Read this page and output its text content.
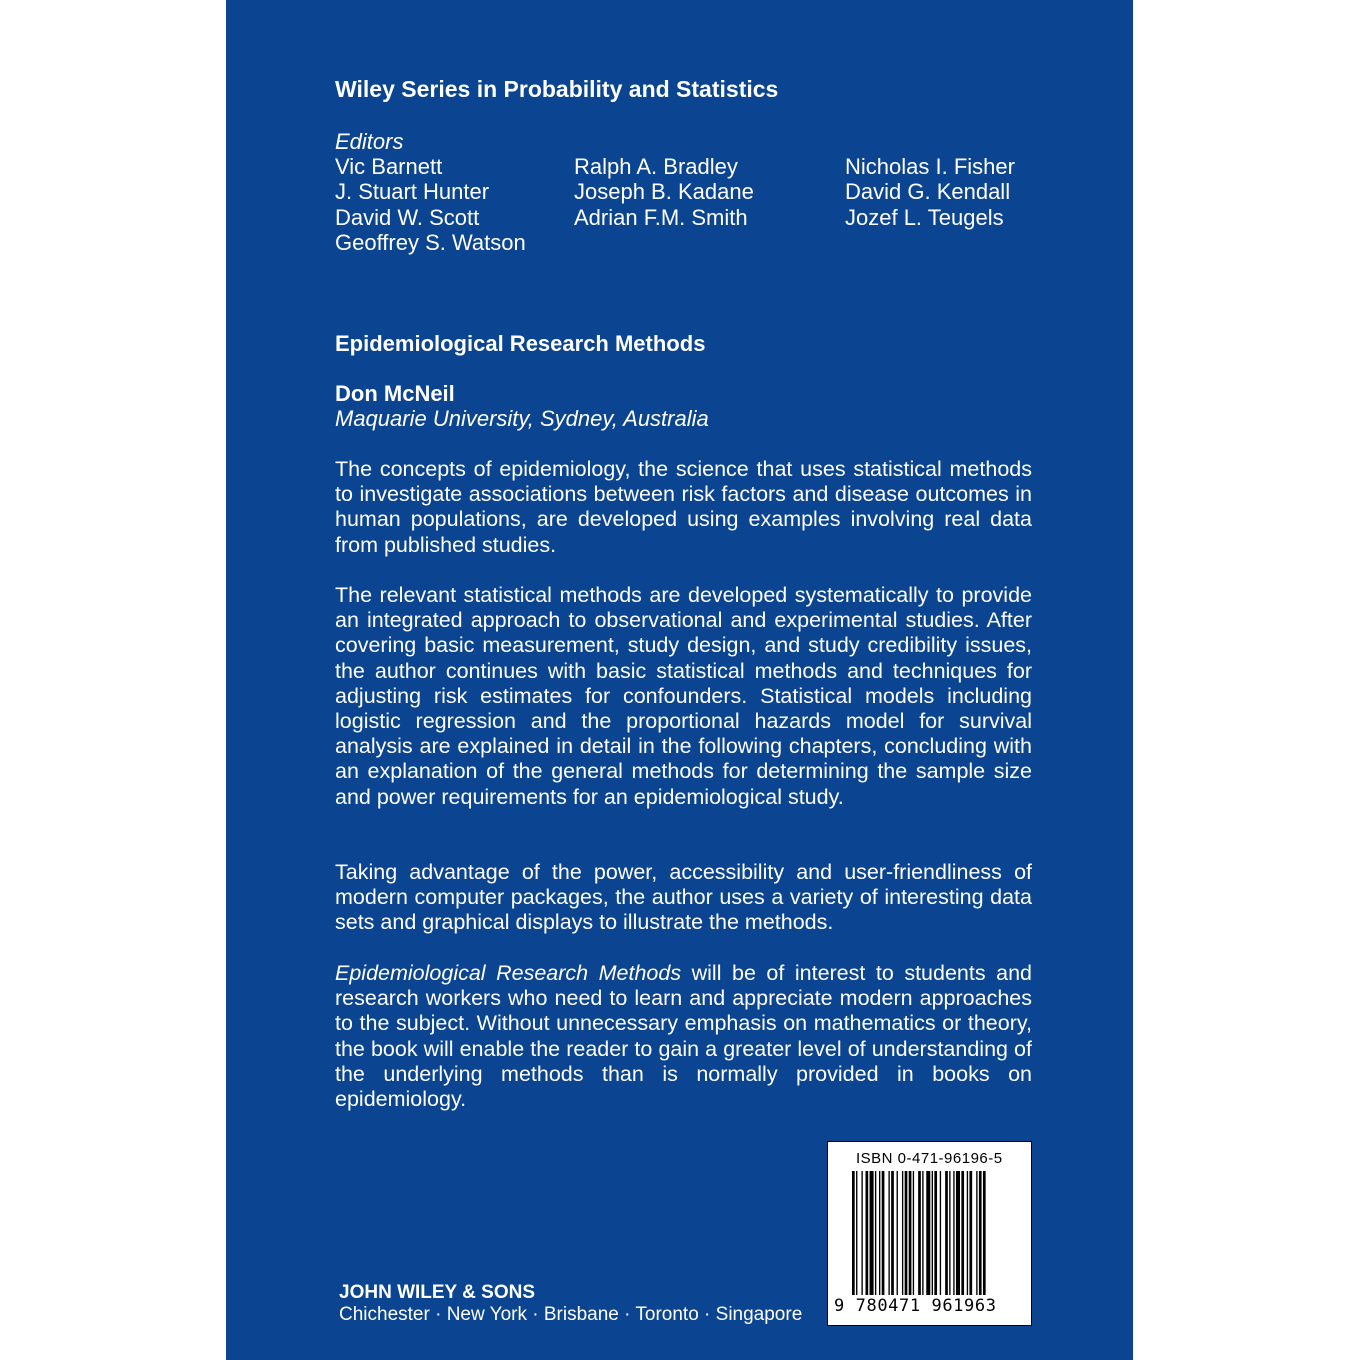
Wiley Series in Probability and Statistics
Editors
Vic Barnett
J. Stuart Hunter
David W. Scott
Geoffrey S. Watson
Ralph A. Bradley
Joseph B. Kadane
Adrian F.M. Smith
Nicholas I. Fisher
David G. Kendall
Jozef L. Teugels
Epidemiological Research Methods
Don McNeil
Maquarie University, Sydney, Australia
The concepts of epidemiology, the science that uses statistical methods to investigate associations between risk factors and disease outcomes in human populations, are developed using examples involving real data from published studies.
The relevant statistical methods are developed systematically to provide an integrated approach to observational and experimental studies. After covering basic measurement, study design, and study credibility issues, the author continues with basic statistical methods and techniques for adjusting risk estimates for confounders. Statistical models including logistic regression and the proportional hazards model for survival analysis are explained in detail in the following chapters, concluding with an explanation of the general methods for determining the sample size and power requirements for an epidemiological study.
Taking advantage of the power, accessibility and user-friendliness of modern computer packages, the author uses a variety of interesting data sets and graphical displays to illustrate the methods.
Epidemiological Research Methods will be of interest to students and research workers who need to learn and appreciate modern approaches to the subject. Without unnecessary emphasis on mathematics or theory, the book will enable the reader to gain a greater level of understanding of the underlying methods than is normally provided in books on epidemiology.
ISBN 0-471-96196-5
9 780471 961963
JOHN WILEY & SONS
Chichester · New York · Brisbane · Toronto · Singapore
